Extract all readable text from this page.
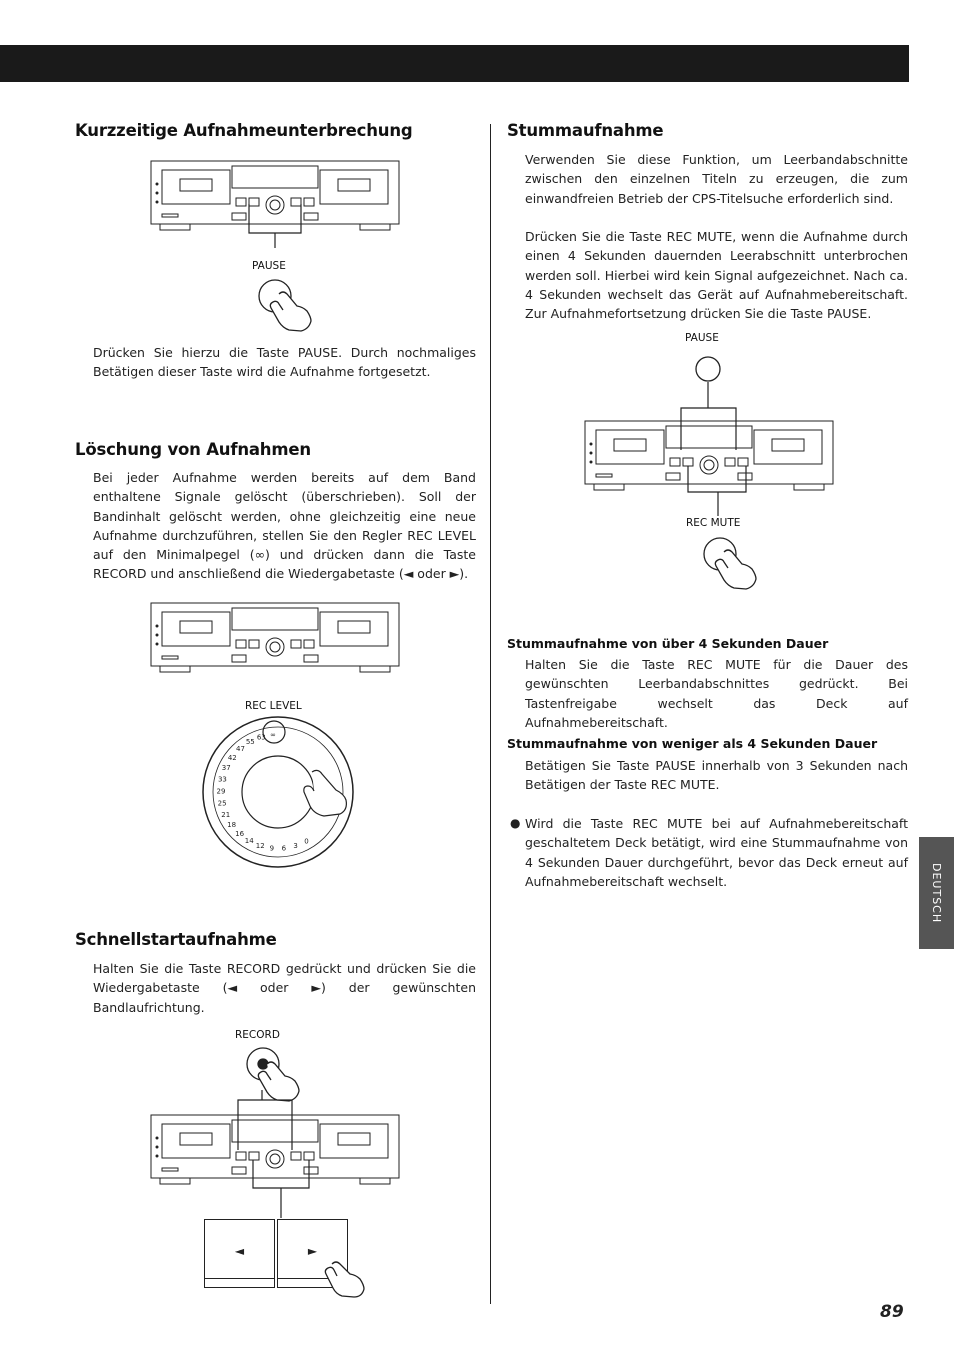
DEUTSCH
89
Kurzzeitige Aufnahmeunterbrechung
PAUSE

Drücken Sie hierzu die Taste PAUSE. Durch nochmaliges Betätigen dieser Taste wird die Aufnahme fortgesetzt.

Löschung von Aufnahmen

Bei jeder Aufnahme werden bereits auf dem Band enthaltene Signale gelöscht (überschrieben). Soll der Bandinhalt gelöscht werden, ohne gleichzeitig eine neue Aufnahme durchzuführen, stellen Sie den Regler REC LEVEL auf den Minimalpegel (∞) und drücken dann die Taste RECORD und anschließend die Wiedergabetaste (◄ oder ►).

REC LEVEL
∞
63
55
47
42
37
33
29
25
21
18
16
14
12 9 6 3
0
Schnellstartaufnahme

Halten Sie die Taste RECORD gedrückt und drücken Sie die Wiedergabetaste (◄ oder ►) der gewünschten Bandlaufrichtung.

RECORD
◄	►
Stummaufnahme

Verwenden Sie diese Funktion, um Leerbandabschnitte zwischen den einzelnen Titeln zu erzeugen, die zum einwandfreien Betrieb der CPS-Titelsuche erforderlich sind.

Drücken Sie die Taste REC MUTE, wenn die Aufnahme durch einen 4 Sekunden dauernden Leerabschnitt unterbrochen werden soll. Hierbei wird kein Signal aufgezeichnet. Nach ca. 4 Sekunden wechselt das Gerät auf Aufnahmebereitschaft. Zur Aufnahmefortsetzung drücken Sie die Taste PAUSE.

PAUSE
REC MUTE
Stummaufnahme von über 4 Sekunden Dauer

Halten Sie die Taste REC MUTE für die Dauer des gewünschten Leerbandabschnittes gedrückt. Bei Tastenfreigabe wechselt das Deck auf Aufnahmebereitschaft.

Stummaufnahme von weniger als 4 Sekunden Dauer

Betätigen Sie Taste PAUSE innerhalb von 3 Sekunden nach Betätigen der Taste REC MUTE.

● Wird die Taste REC MUTE bei auf Aufnahmebereitschaft geschaltetem Deck betätigt, wird eine Stummaufnahme von 4 Sekunden Dauer durchgeführt, bevor das Deck erneut auf Aufnahmebereitschaft wechselt.
